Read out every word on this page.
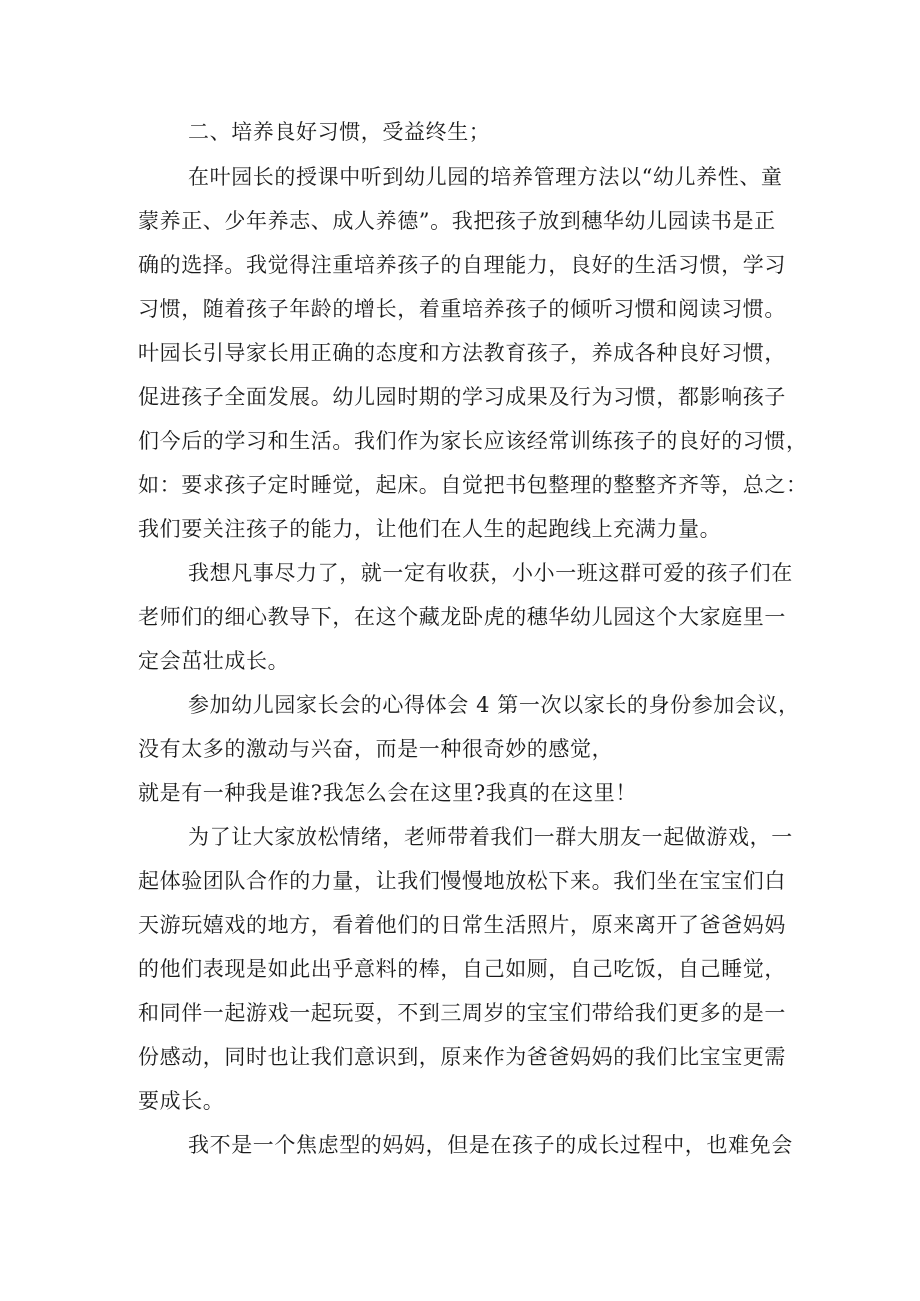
二、培养良好习惯，受益终生；
在叶园长的授课中听到幼儿园的培养管理方法以“幼儿养性、童
蒙养正、少年养志、成人养德”。我把孩子放到穗华幼儿园读书是正
确的选择。我觉得注重培养孩子的自理能力，良好的生活习惯，学习
习惯，随着孩子年龄的增长，着重培养孩子的倾听习惯和阅读习惯。
叶园长引导家长用正确的态度和方法教育孩子，养成各种良好习惯，
促进孩子全面发展。幼儿园时期的学习成果及行为习惯，都影响孩子
们今后的学习和生活。我们作为家长应该经常训练孩子的良好的习惯，
如：要求孩子定时睡觉，起床。自觉把书包整理的整整齐齐等，总之：
我们要关注孩子的能力，让他们在人生的起跑线上充满力量。
我想凡事尽力了，就一定有收获，小小一班这群可爱的孩子们在
老师们的细心教导下，在这个藏龙卧虎的穗华幼儿园这个大家庭里一
定会茁壮成长。
参加幼儿园家长会的心得体会 4 第一次以家长的身份参加会议，
没有太多的激动与兴奋，而是一种很奇妙的感觉，
就是有一种我是谁?我怎么会在这里?我真的在这里！
为了让大家放松情绪，老师带着我们一群大朋友一起做游戏，一
起体验团队合作的力量，让我们慢慢地放松下来。我们坐在宝宝们白
天游玩嬉戏的地方，看着他们的日常生活照片，原来离开了爸爸妈妈
的他们表现是如此出乎意料的棒，自己如厕，自己吃饭，自己睡觉，
和同伴一起游戏一起玩耍，不到三周岁的宝宝们带给我们更多的是一
份感动，同时也让我们意识到，原来作为爸爸妈妈的我们比宝宝更需
要成长。
我不是一个焦虑型的妈妈，但是在孩子的成长过程中，也难免会
